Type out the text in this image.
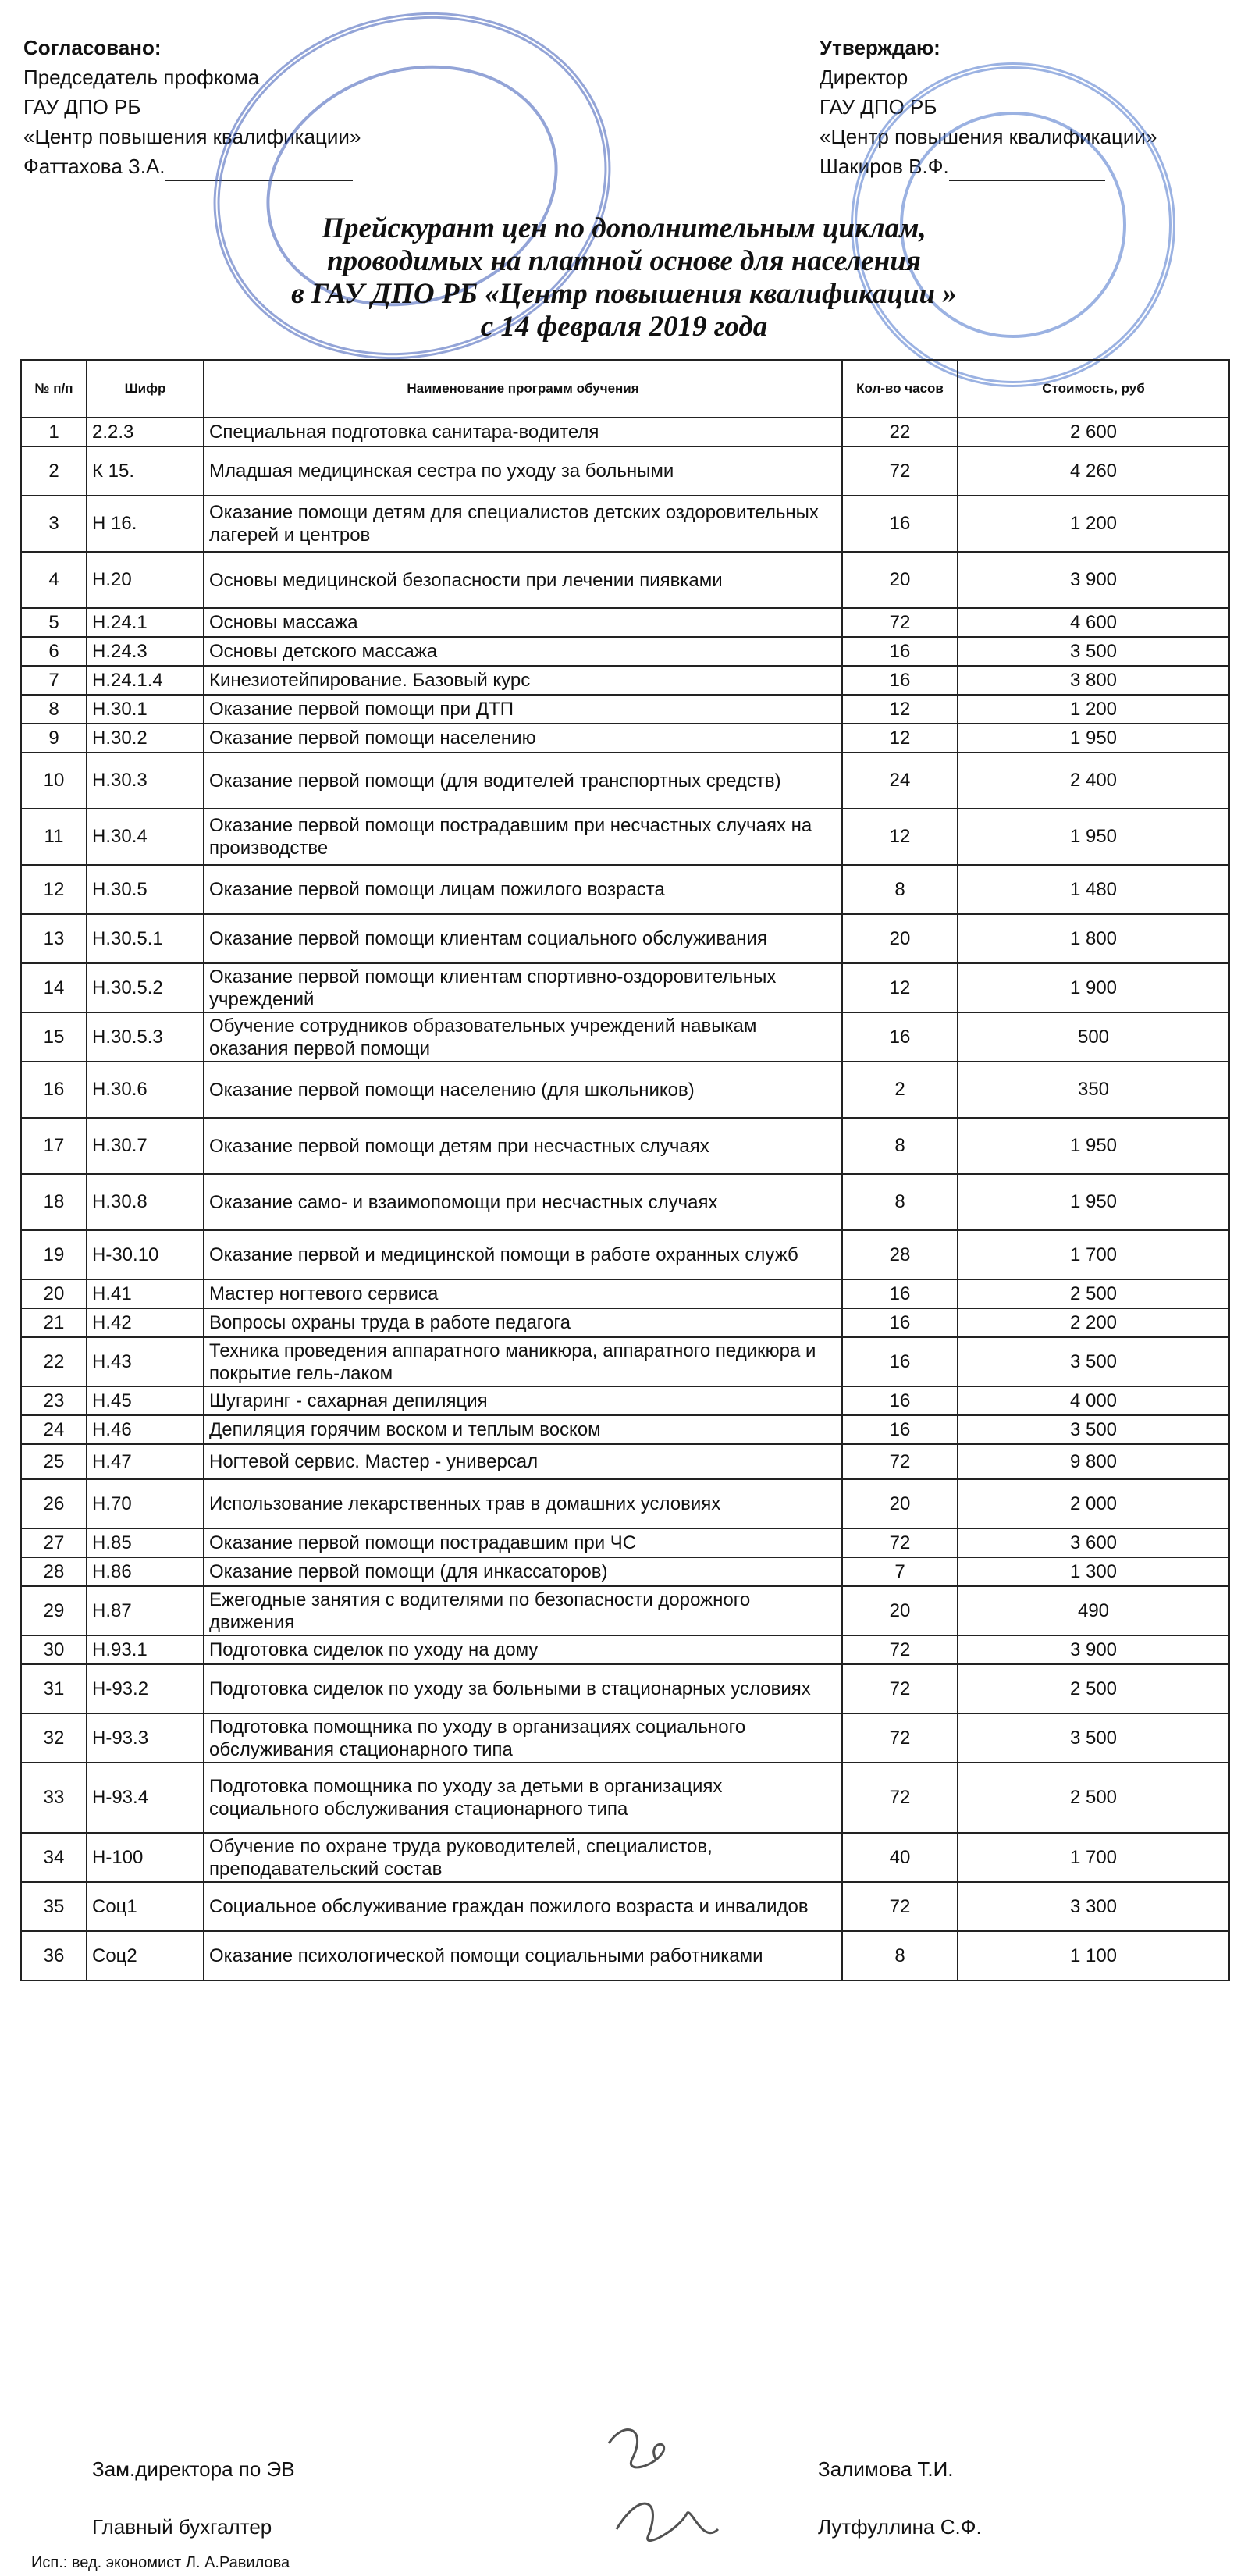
Согласовано:
Председатель профкома
ГАУ ДПО РБ
«Центр повышения квалификации»
Фаттахова З.А.
Утверждаю:
Директор
ГАУ ДПО РБ
«Центр повышения квалификации»
Шакиров В.Ф.
Прейскурант цен по дополнительным циклам,
проводимых на платной основе для населения
в ГАУ ДПО РБ «Центр повышения квалификации »
с 14 февраля 2019 года
№ п/п	Шифр	Наименование программ обучения	Кол-во часов	Стоимость, руб
1	2.2.3	Специальная подготовка санитара-водителя	22	2 600
2	К 15.	Младшая медицинская сестра по уходу за больными	72	4 260
3	Н 16.	Оказание помощи детям для специалистов детских оздоровительных лагерей и центров	16	1 200
4	Н.20	Основы медицинской безопасности при лечении пиявками	20	3 900
5	Н.24.1	Основы массажа	72	4 600
6	Н.24.3	Основы детского массажа	16	3 500
7	Н.24.1.4	Кинезиотейпирование. Базовый курс	16	3 800
8	Н.30.1	Оказание первой помощи при ДТП	12	1 200
9	Н.30.2	Оказание первой помощи населению	12	1 950
10	Н.30.3	Оказание первой помощи (для водителей транспортных средств)	24	2 400
11	Н.30.4	Оказание первой помощи пострадавшим при несчастных случаях на производстве	12	1 950
12	Н.30.5	Оказание первой помощи лицам пожилого возраста	8	1 480
13	Н.30.5.1	Оказание первой помощи клиентам социального обслуживания	20	1 800
14	Н.30.5.2	Оказание первой помощи клиентам спортивно-оздоровительных учреждений	12	1 900
15	Н.30.5.3	Обучение сотрудников образовательных учреждений навыкам оказания первой помощи	16	500
16	Н.30.6	Оказание первой помощи населению (для школьников)	2	350
17	Н.30.7	Оказание первой помощи детям при несчастных случаях	8	1 950
18	Н.30.8	Оказание само- и взаимопомощи при несчастных случаях	8	1 950
19	Н-30.10	Оказание первой и медицинской помощи в работе охранных служб	28	1 700
20	Н.41	Мастер ногтевого сервиса	16	2 500
21	Н.42	Вопросы охраны труда в работе педагога	16	2 200
22	Н.43	Техника проведения аппаратного маникюра, аппаратного педикюра и покрытие гель-лаком	16	3 500
23	Н.45	Шугаринг - сахарная депиляция	16	4 000
24	Н.46	Депиляция горячим воском и теплым воском	16	3 500
25	Н.47	Ногтевой сервис. Мастер - универсал	72	9 800
26	Н.70	Использование лекарственных трав в домашних условиях	20	2 000
27	Н.85	Оказание первой помощи пострадавшим при ЧС	72	3 600
28	Н.86	Оказание первой помощи (для инкассаторов)	7	1 300
29	Н.87	Ежегодные занятия с водителями по безопасности дорожного движения	20	490
30	Н.93.1	Подготовка сиделок по уходу на дому	72	3 900
31	Н-93.2	Подготовка сиделок по уходу за больными в стационарных условиях	72	2 500
32	Н-93.3	Подготовка помощника по уходу в организациях социального обслуживания стационарного типа	72	3 500
33	Н-93.4	Подготовка помощника по уходу за детьми в организациях социального обслуживания стационарного типа	72	2 500
34	Н-100	Обучение по охране труда руководителей, специалистов, преподавательский состав	40	1 700
35	Соц1	Социальное обслуживание граждан пожилого возраста и инвалидов	72	3 300
36	Соц2	Оказание психологической помощи социальными работниками	8	1 100
Зам.директора по ЭВ	Залимова Т.И.
Главный бухгалтер	Лутфуллина С.Ф.
Исп.: вед. экономист Л. А.Равилова
